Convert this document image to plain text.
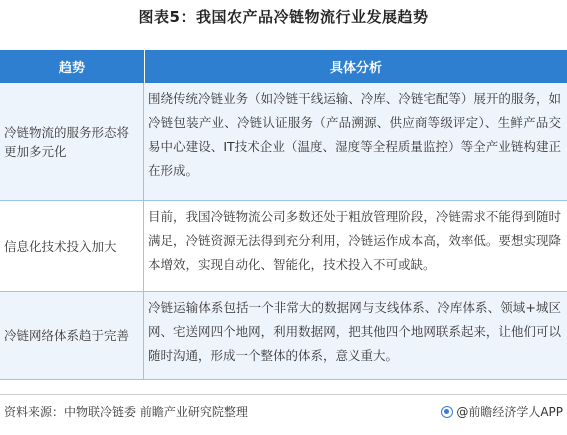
图表5：我国农产品冷链物流行业发展趋势
趋势	具体分析
冷链物流的服务形态将更加多元化
围绕传统冷链业务（如冷链干线运输、冷库、冷链宅配等）展开的服务，如冷链包装产业、冷链认证服务（产品溯源、供应商等级评定）、生鲜产品交易中心建设、IT技术企业（温度、湿度等全程质量监控）等全产业链构建正在形成。
信息化技术投入加大
目前，我国冷链物流公司多数还处于粗放管理阶段，冷链需求不能得到随时满足，冷链资源无法得到充分利用，冷链运作成本高，效率低。要想实现降本增效，实现自动化、智能化，技术投入不可或缺。
冷链网络体系趋于完善
冷链运输体系包括一个非常大的数据网与支线体系、冷库体系、领域+城区网、宅送网四个地网，利用数据网，把其他四个地网联系起来，让他们可以随时沟通，形成一个整体的体系，意义重大。
资料来源：中物联冷链委 前瞻产业研究院整理	@前瞻经济学人APP
